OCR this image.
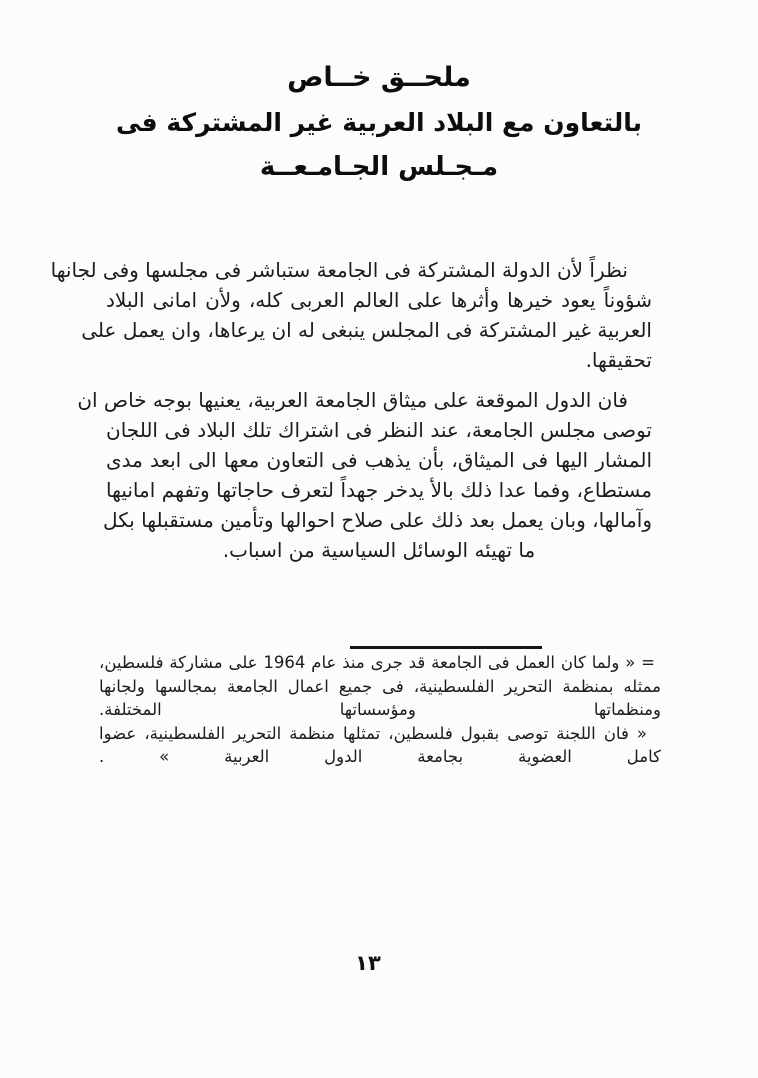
ملحــق خــاص
بالتعاون مع البلاد العربية غير المشتركة فى
مـجـلس الجـامـعــة
نظراً لأن الدولة المشتركة فى الجامعة ستباشر فى مجلسها وفى لجانها
شؤوناً يعود خيرها وأثرها على العالم العربى كله، ولأن امانى البلاد
العربية غير المشتركة فى المجلس ينبغى له ان يرعاها، وان يعمل على
تحقيقها.
فان الدول الموقعة على ميثاق الجامعة العربية، يعنيها بوجه خاص ان
توصى مجلس الجامعة، عند النظر فى اشتراك تلك البلاد فى اللجان
المشار اليها فى الميثاق، بأن يذهب فى التعاون معها الى ابعد مدى
مستطاع، وفما عدا ذلك بالأ يدخر جهداً لتعرف حاجاتها وتفهم امانيها
وآمالها، وبان يعمل بعد ذلك على صلاح احوالها وتأمين مستقبلها بكل
ما تهيئه الوسائل السياسية من اسباب.
= « ولما كان العمل فى الجامعة قد جرى منذ عام 1964 على مشاركة فلسطين،
ممثله بمنظمة التحرير الفلسطينية، فى جميع اعمال الجامعة بمجالسها ولجانها
ومنظماتها ومؤسساتها المختلفة.
« فان اللجنة توصى بقبول فلسطين، تمثلها منظمة التحرير الفلسطينية، عضوا
كامل العضوية بجامعة الدول العربية » .
١٣
